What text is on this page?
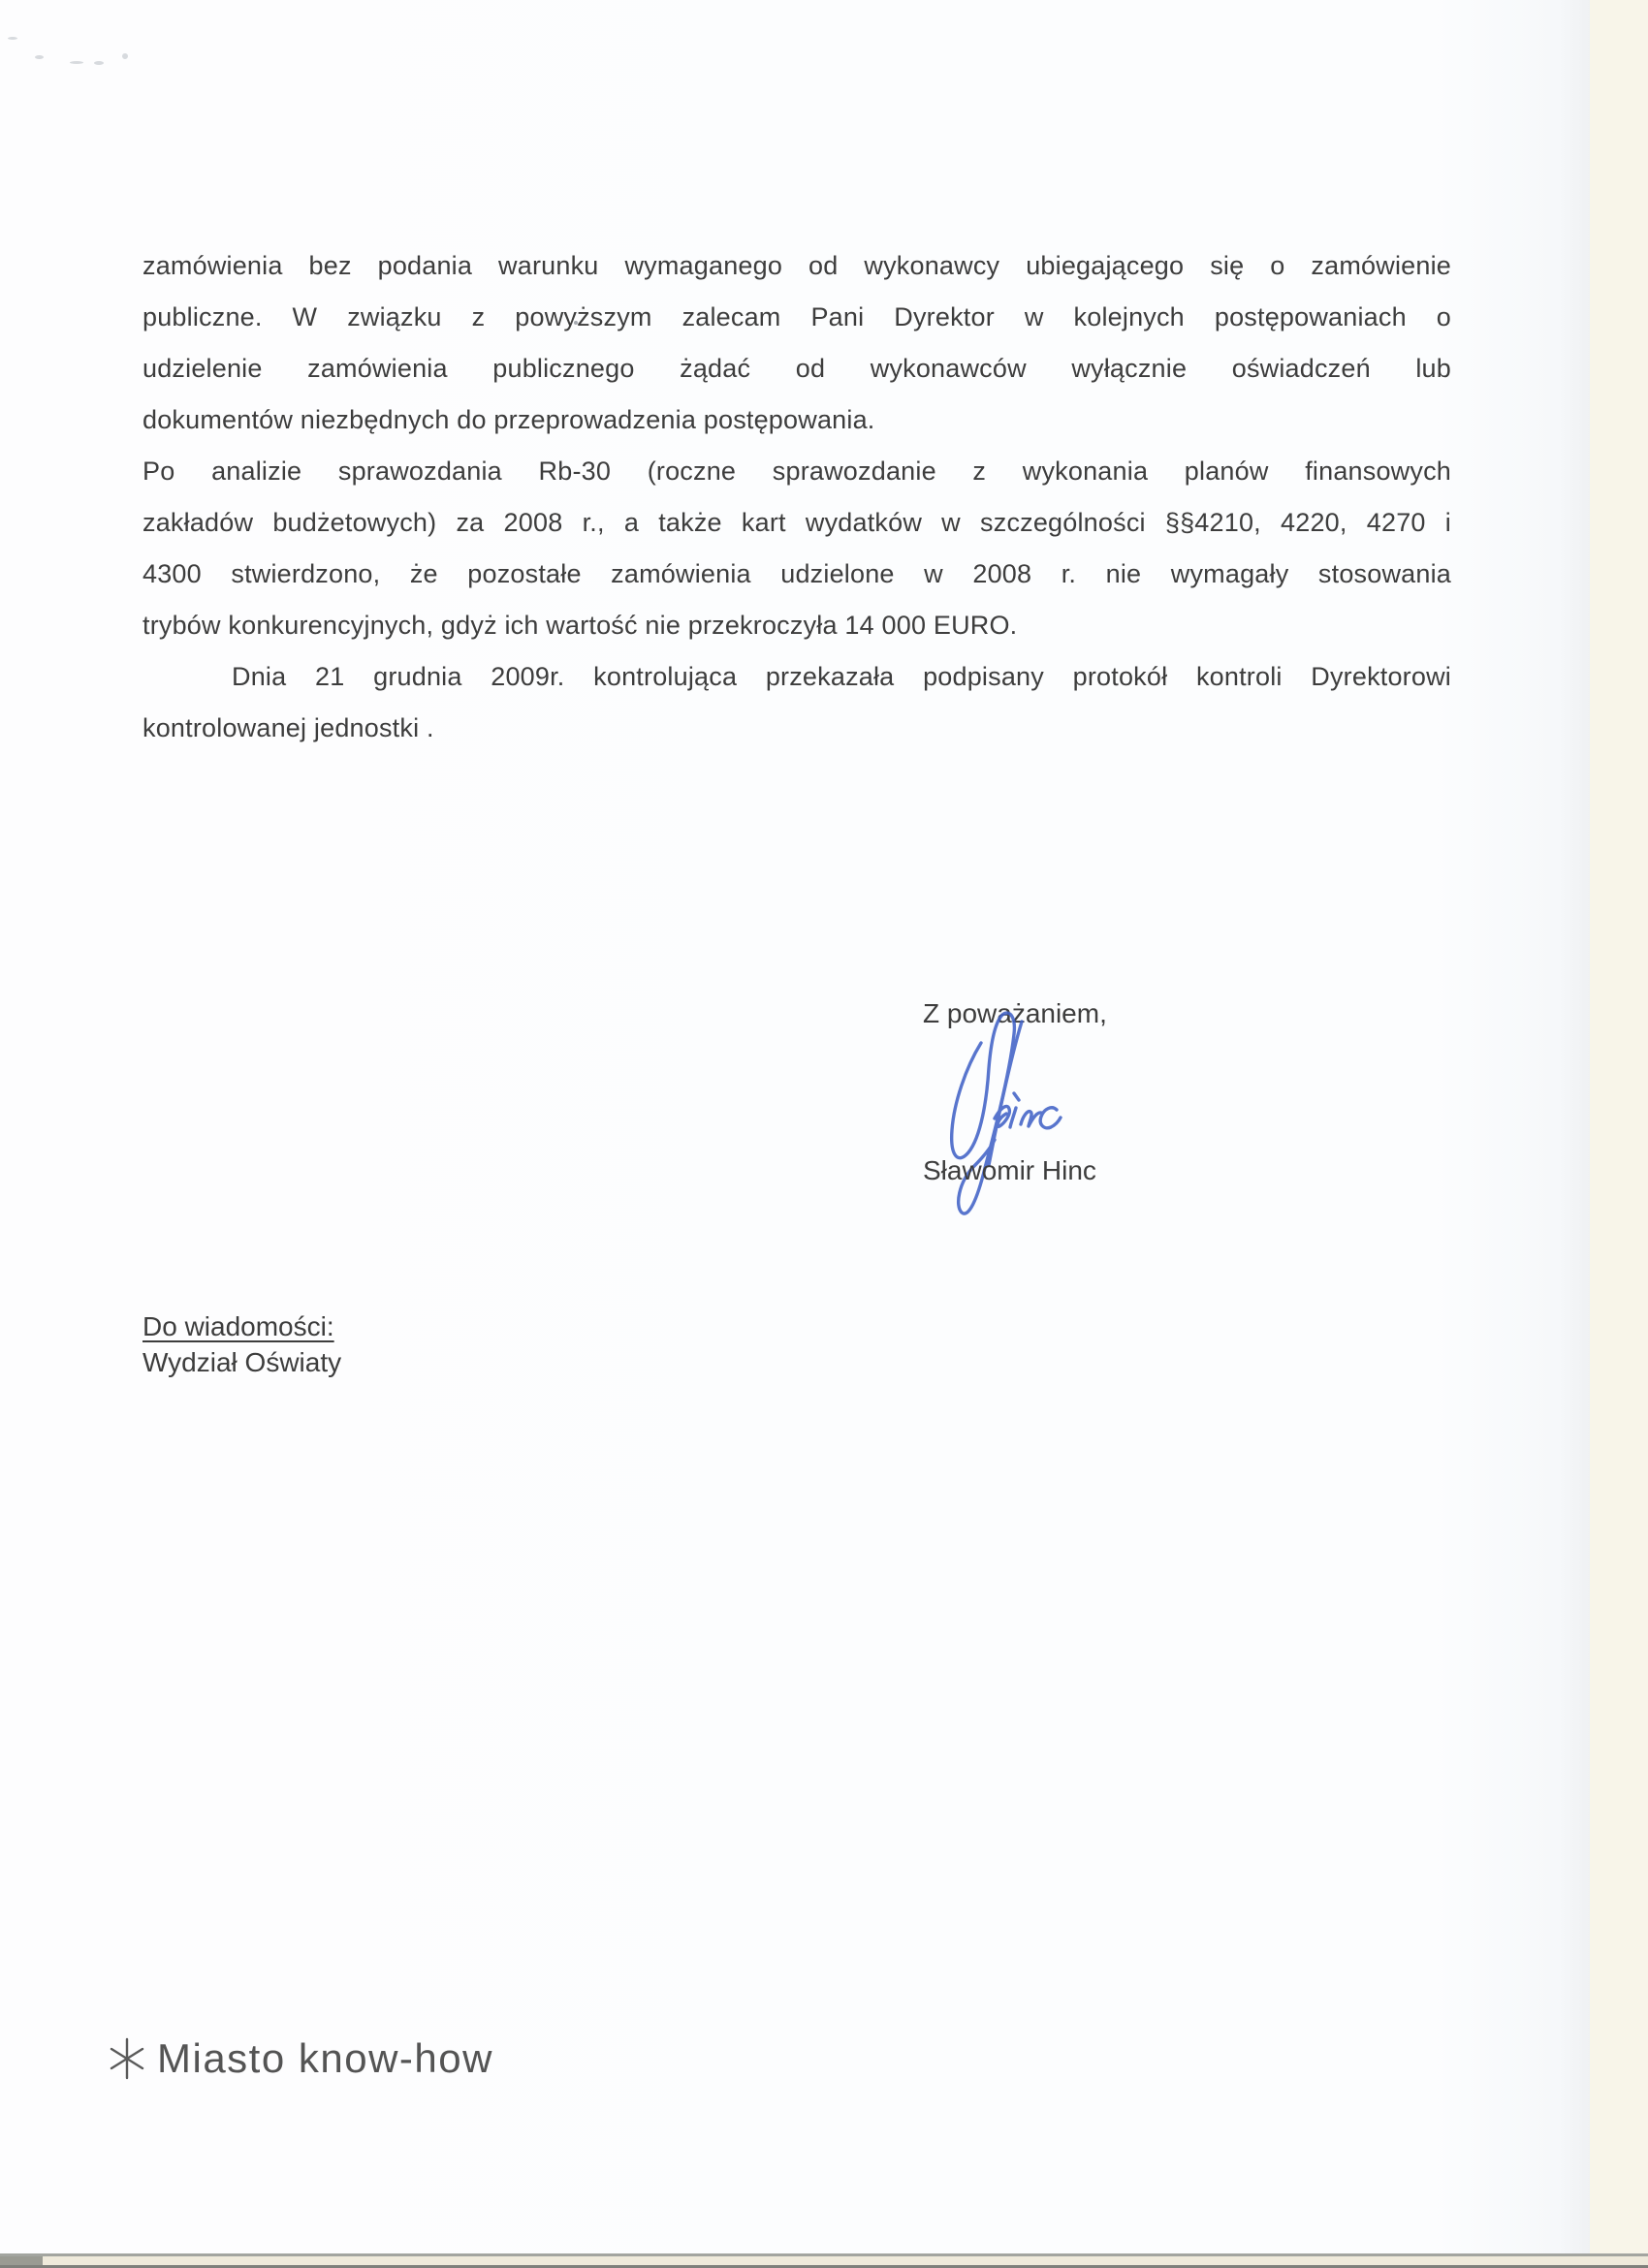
zamówienia bez podania warunku wymaganego od wykonawcy ubiegającego się o zamówienie
publiczne. W związku z powyższym zalecam Pani Dyrektor w kolejnych postępowaniach o
udzielenie zamówienia publicznego żądać od wykonawców wyłącznie oświadczeń lub
dokumentów niezbędnych do przeprowadzenia postępowania.
Po analizie sprawozdania Rb-30 (roczne sprawozdanie z wykonania planów finansowych
zakładów budżetowych) za 2008 r., a także kart wydatków w szczególności §§4210, 4220, 4270 i
4300 stwierdzono, że pozostałe zamówienia udzielone w 2008 r. nie wymagały stosowania
trybów konkurencyjnych, gdyż ich wartość nie przekroczyła 14 000 EURO.
Dnia 21 grudnia 2009r. kontrolująca przekazała podpisany protokół kontroli Dyrektorowi
kontrolowanej jednostki .
Z poważaniem,
Sławomir Hinc
Do wiadomości:
Wydział Oświaty
Miasto know-how
